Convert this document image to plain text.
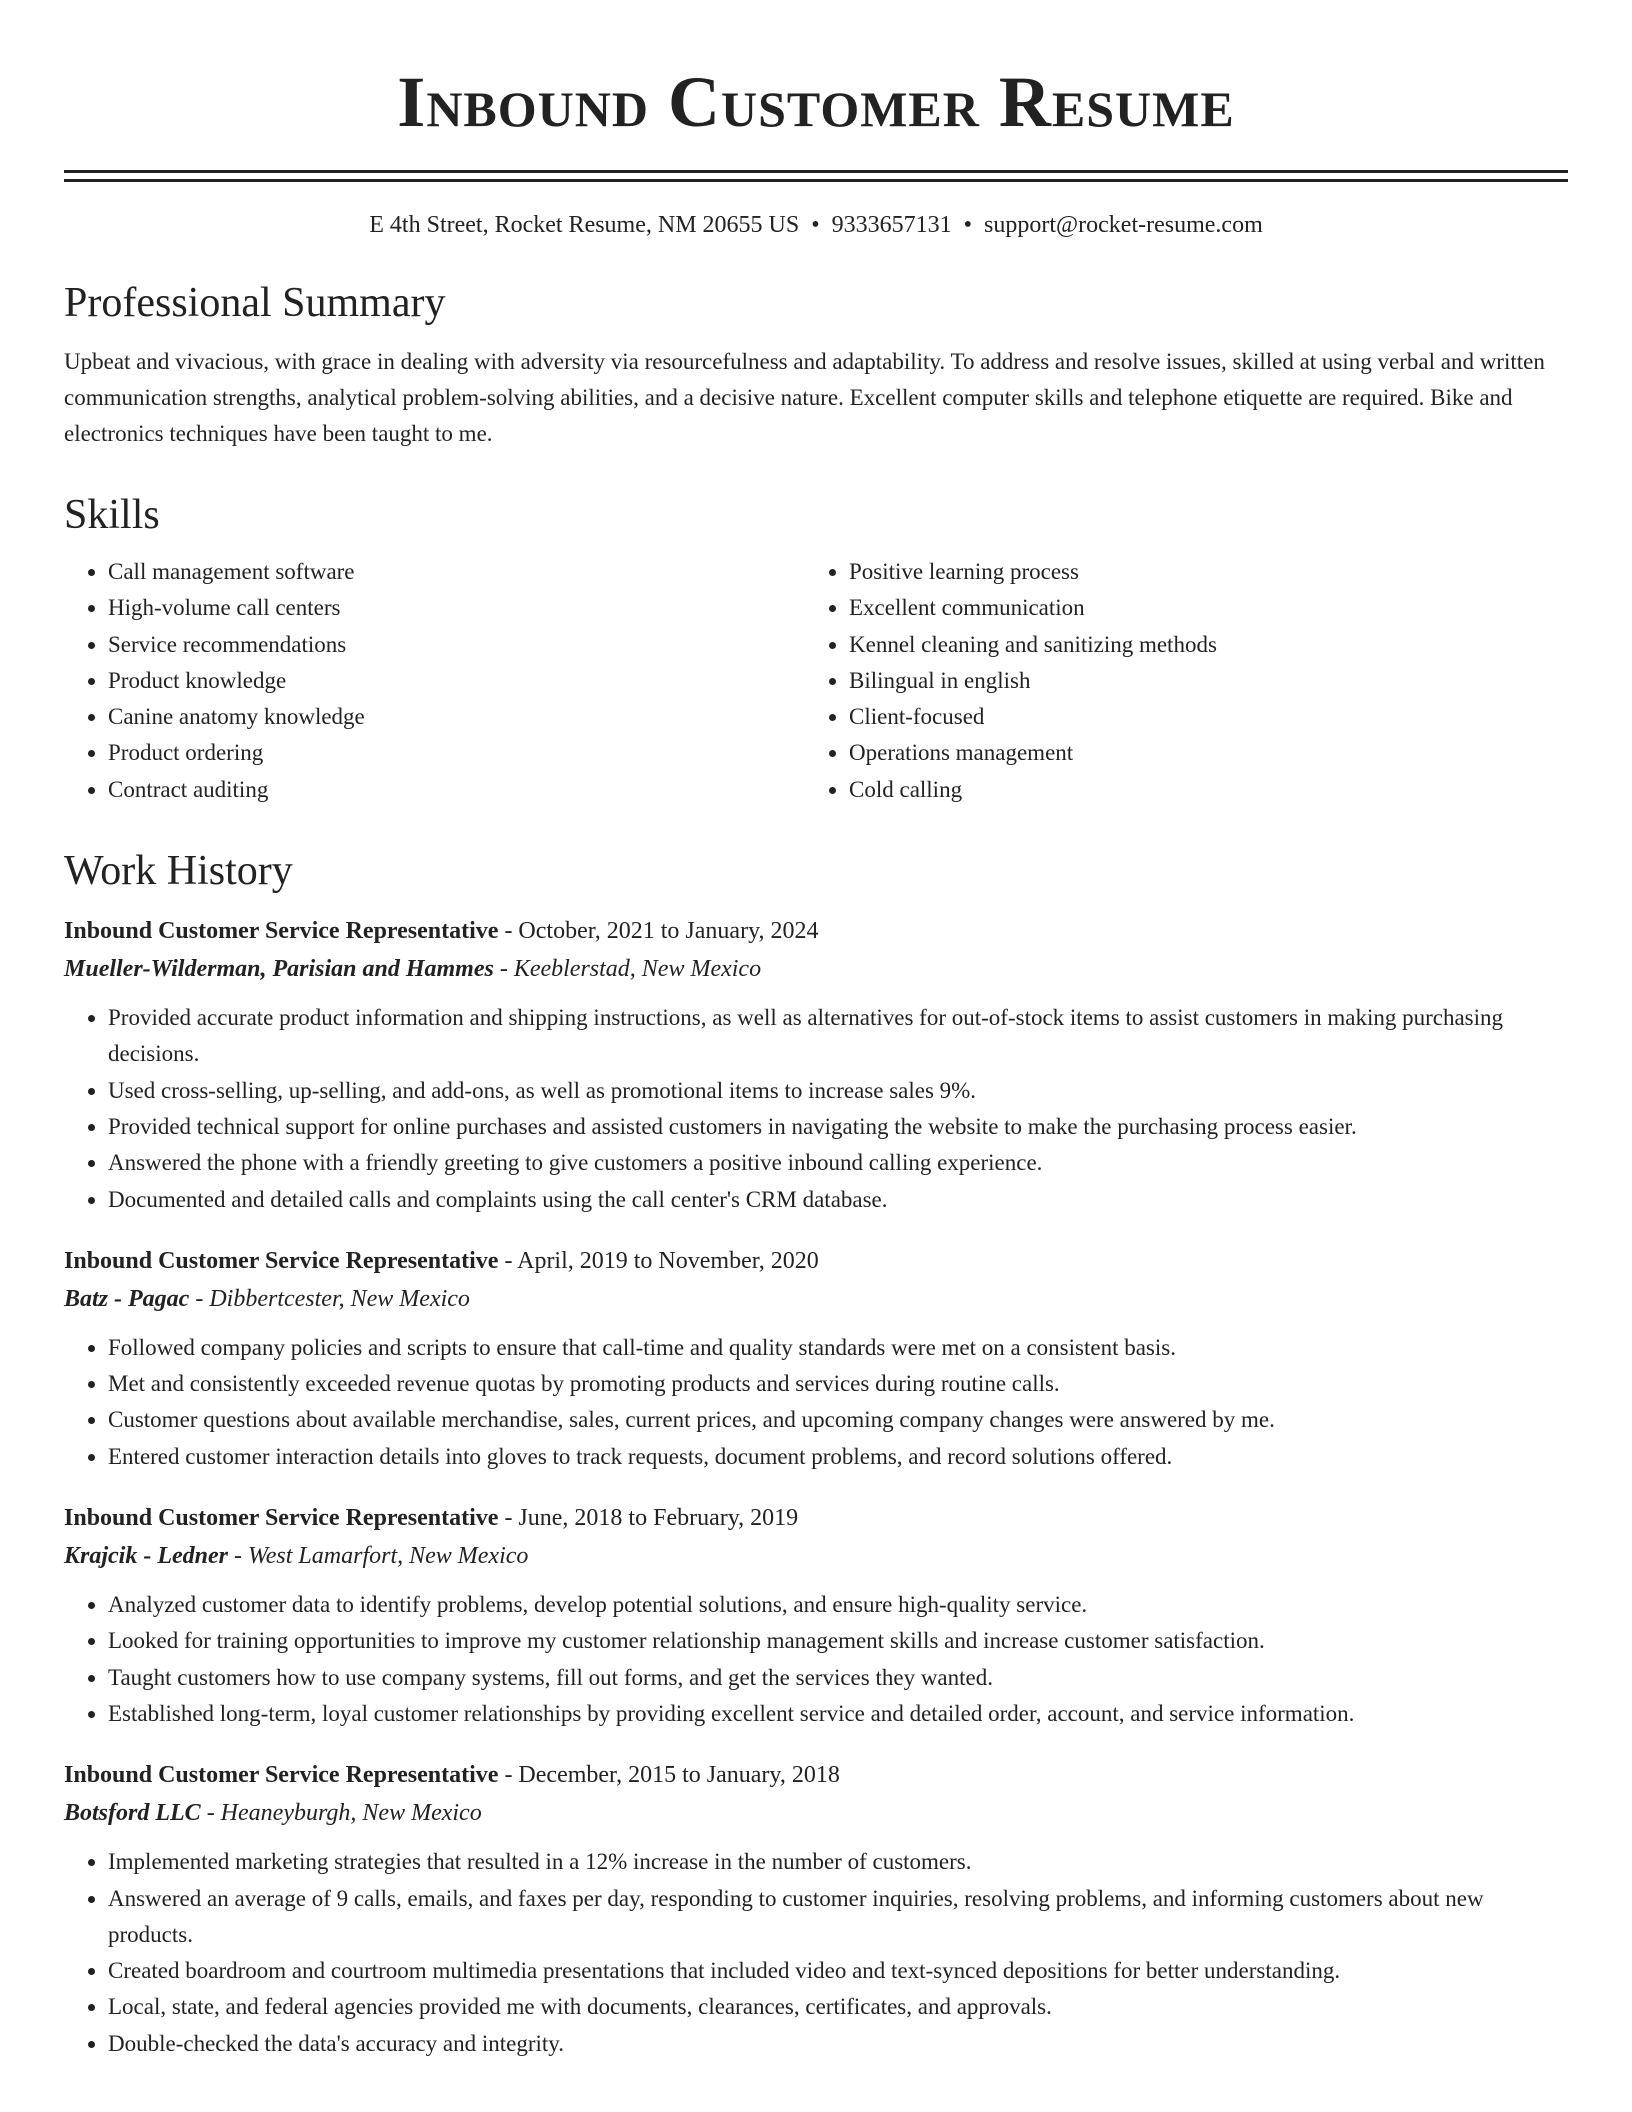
Inbound Customer Resume
E 4th Street, Rocket Resume, NM 20655 US • 9333657131 • support@rocket-resume.com
Professional Summary
Upbeat and vivacious, with grace in dealing with adversity via resourcefulness and adaptability. To address and resolve issues, skilled at using verbal and written communication strengths, analytical problem-solving abilities, and a decisive nature. Excellent computer skills and telephone etiquette are required. Bike and electronics techniques have been taught to me.
Skills
• Call management software
• High-volume call centers
• Service recommendations
• Product knowledge
• Canine anatomy knowledge
• Product ordering
• Contract auditing
• Positive learning process
• Excellent communication
• Kennel cleaning and sanitizing methods
• Bilingual in english
• Client-focused
• Operations management
• Cold calling
Work History
Inbound Customer Service Representative - October, 2021 to January, 2024
Mueller-Wilderman, Parisian and Hammes - Keeblerstad, New Mexico
• Provided accurate product information and shipping instructions, as well as alternatives for out-of-stock items to assist customers in making purchasing decisions.
• Used cross-selling, up-selling, and add-ons, as well as promotional items to increase sales 9%.
• Provided technical support for online purchases and assisted customers in navigating the website to make the purchasing process easier.
• Answered the phone with a friendly greeting to give customers a positive inbound calling experience.
• Documented and detailed calls and complaints using the call center's CRM database.
Inbound Customer Service Representative - April, 2019 to November, 2020
Batz - Pagac - Dibbertcester, New Mexico
• Followed company policies and scripts to ensure that call-time and quality standards were met on a consistent basis.
• Met and consistently exceeded revenue quotas by promoting products and services during routine calls.
• Customer questions about available merchandise, sales, current prices, and upcoming company changes were answered by me.
• Entered customer interaction details into gloves to track requests, document problems, and record solutions offered.
Inbound Customer Service Representative - June, 2018 to February, 2019
Krajcik - Ledner - West Lamarfort, New Mexico
• Analyzed customer data to identify problems, develop potential solutions, and ensure high-quality service.
• Looked for training opportunities to improve my customer relationship management skills and increase customer satisfaction.
• Taught customers how to use company systems, fill out forms, and get the services they wanted.
• Established long-term, loyal customer relationships by providing excellent service and detailed order, account, and service information.
Inbound Customer Service Representative - December, 2015 to January, 2018
Botsford LLC - Heaneyburgh, New Mexico
• Implemented marketing strategies that resulted in a 12% increase in the number of customers.
• Answered an average of 9 calls, emails, and faxes per day, responding to customer inquiries, resolving problems, and informing customers about new products.
• Created boardroom and courtroom multimedia presentations that included video and text-synced depositions for better understanding.
• Local, state, and federal agencies provided me with documents, clearances, certificates, and approvals.
• Double-checked the data's accuracy and integrity.
